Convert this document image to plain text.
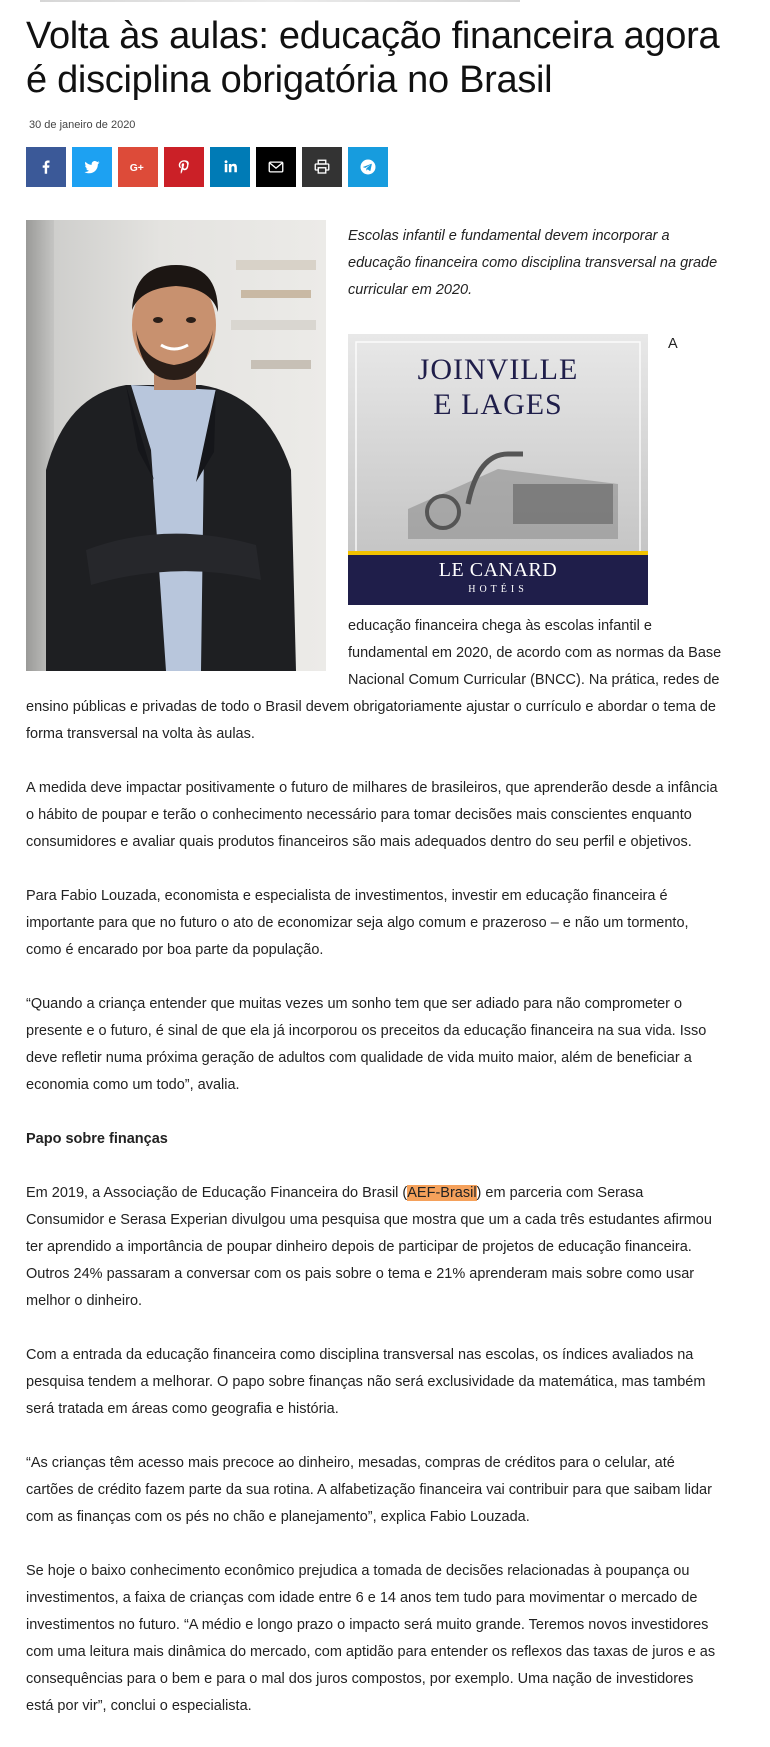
Volta às aulas: educação financeira agora é disciplina obrigatória no Brasil
30 de janeiro de 2020
G+

Escolas infantil e fundamental devem incorporar a educação financeira como disciplina transversal na grade curricular em 2020.

JOINVILLE
E LAGES
LE CANARD
HOTÉIS

A educação financeira chega às escolas infantil e fundamental em 2020, de acordo com as normas da Base Nacional Comum Curricular (BNCC). Na prática, redes de ensino públicas e privadas de todo o Brasil devem obrigatoriamente ajustar o currículo e abordar o tema de forma transversal na volta às aulas.

A medida deve impactar positivamente o futuro de milhares de brasileiros, que aprenderão desde a infância o hábito de poupar e terão o conhecimento necessário para tomar decisões mais conscientes enquanto consumidores e avaliar quais produtos financeiros são mais adequados dentro do seu perfil e objetivos.

Para Fabio Louzada, economista e especialista de investimentos, investir em educação financeira é importante para que no futuro o ato de economizar seja algo comum e prazeroso – e não um tormento, como é encarado por boa parte da população.

“Quando a criança entender que muitas vezes um sonho tem que ser adiado para não comprometer o presente e o futuro, é sinal de que ela já incorporou os preceitos da educação financeira na sua vida. Isso deve refletir numa próxima geração de adultos com qualidade de vida muito maior, além de beneficiar a economia como um todo”, avalia.

Papo sobre finanças

Em 2019, a Associação de Educação Financeira do Brasil (AEF-Brasil) em parceria com Serasa Consumidor e Serasa Experian divulgou uma pesquisa que mostra que um a cada três estudantes afirmou ter aprendido a importância de poupar dinheiro depois de participar de projetos de educação financeira. Outros 24% passaram a conversar com os pais sobre o tema e 21% aprenderam mais sobre como usar melhor o dinheiro.

Com a entrada da educação financeira como disciplina transversal nas escolas, os índices avaliados na pesquisa tendem a melhorar. O papo sobre finanças não será exclusividade da matemática, mas também será tratada em áreas como geografia e história.

“As crianças têm acesso mais precoce ao dinheiro, mesadas, compras de créditos para o celular, até cartões de crédito fazem parte da sua rotina. A alfabetização financeira vai contribuir para que saibam lidar com as finanças com os pés no chão e planejamento”, explica Fabio Louzada.

Se hoje o baixo conhecimento econômico prejudica a tomada de decisões relacionadas à poupança ou investimentos, a faixa de crianças com idade entre 6 e 14 anos tem tudo para movimentar o mercado de investimentos no futuro. “A médio e longo prazo o impacto será muito grande. Teremos novos investidores com uma leitura mais dinâmica do mercado, com aptidão para entender os reflexos das taxas de juros e as consequências para o bem e para o mal dos juros compostos, por exemplo. Uma nação de investidores está por vir”, conclui o especialista.
